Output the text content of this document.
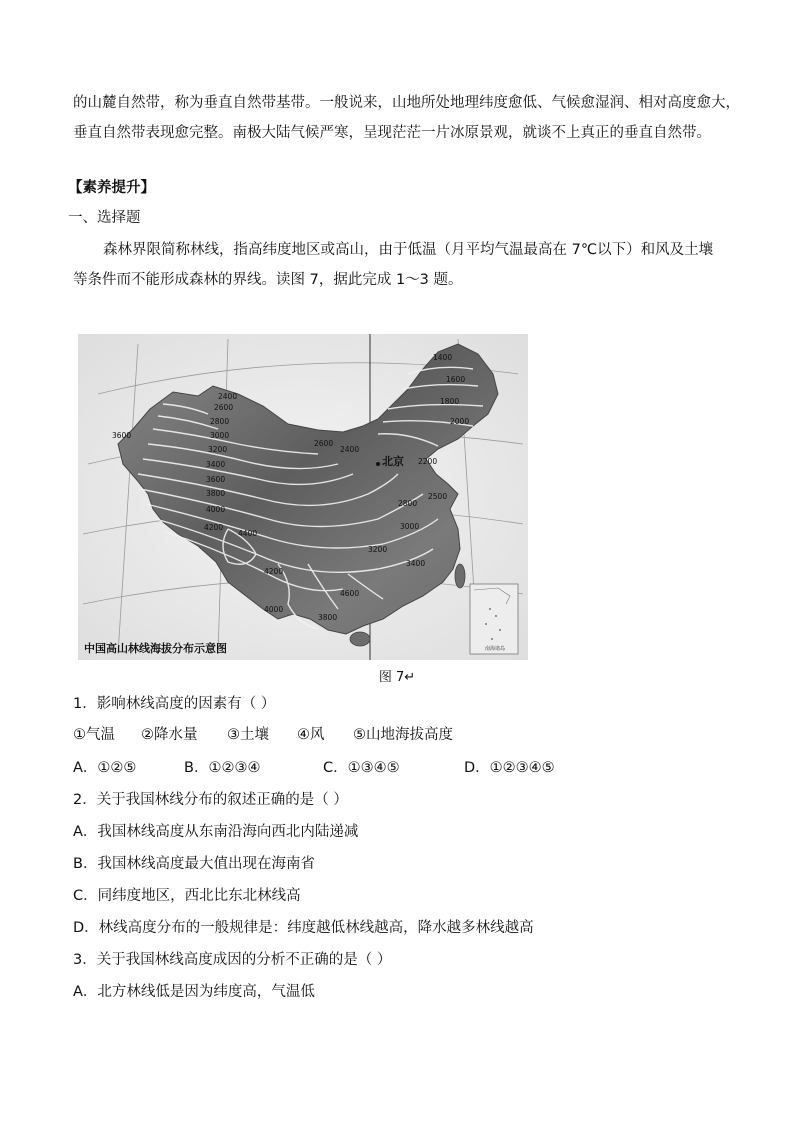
的山麓自然带，称为垂直自然带基带。一般说来，山地所处地理纬度愈低、气候愈湿润、相对高度愈大，
垂直自然带表现愈完整。南极大陆气候严寒，呈现茫茫一片冰原景观，就谈不上真正的垂直自然带。
【素养提升】
一、选择题
森林界限简称林线，指高纬度地区或高山，由于低温（月平均气温最高在 7℃以下）和风及土壤
等条件而不能形成森林的界线。读图 7，据此完成 1～3 题。
1400
1600
1800
2000
2200
2400
2600
2800
3000
3200
3400
3600
3800
4000
4200
4400
3600
2800
2500
3000
3200
3400
4200
4000
3800
4600
2600
2400
北京
南海诸岛
中国高山林线海拔分布示意图
图 7↵
1．影响林线高度的因素有（ ）
①气温 ②降水量 ③土壤 ④风 ⑤山地海拔高度
A．①②⑤	B．①②③④	C．①③④⑤	D．①②③④⑤
2．关于我国林线分布的叙述正确的是（ ）
A．我国林线高度从东南沿海向西北内陆递减
B．我国林线高度最大值出现在海南省
C．同纬度地区，西北比东北林线高
D．林线高度分布的一般规律是：纬度越低林线越高，降水越多林线越高
3．关于我国林线高度成因的分析不正确的是（ ）
A．北方林线低是因为纬度高，气温低
